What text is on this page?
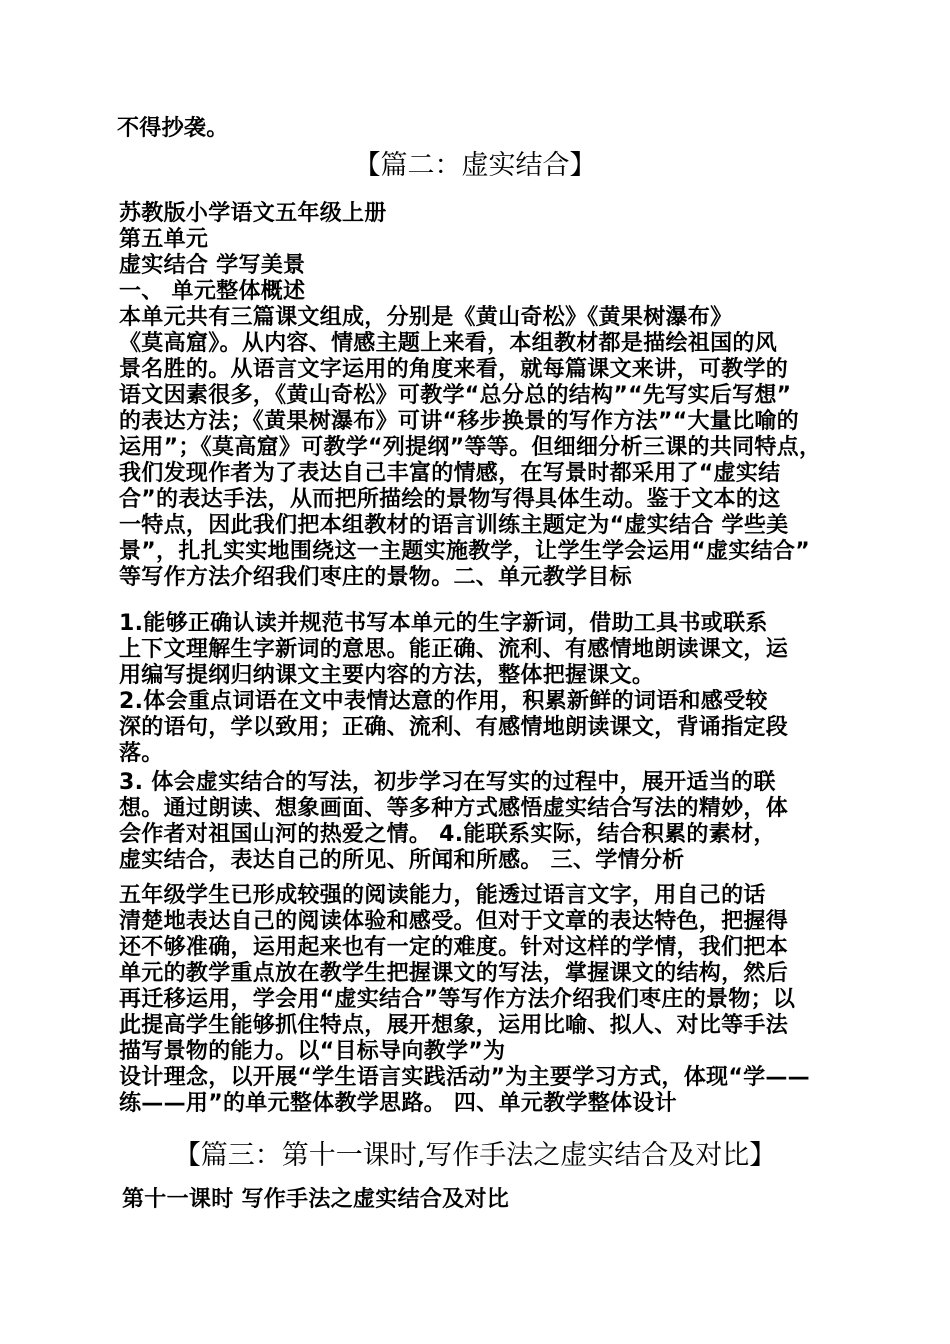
不得抄袭。

【篇二：虚实结合】

苏教版小学语文五年级上册
第五单元
虚实结合 学写美景
一、 单元整体概述
本单元共有三篇课文组成，分别是《黄山奇松》《黄果树瀑布》
《莫高窟》。从内容、情感主题上来看，本组教材都是描绘祖国的风
景名胜的。从语言文字运用的角度来看，就每篇课文来讲，可教学的
语文因素很多，《黄山奇松》可教学“总分总的结构”“先写实后写想”
的表达方法；《黄果树瀑布》可讲“移步换景的写作方法”“大量比喻的
运用”；《莫高窟》可教学“列提纲”等等。但细细分析三课的共同特点，
我们发现作者为了表达自己丰富的情感，在写景时都采用了“虚实结
合”的表达手法，从而把所描绘的景物写得具体生动。鉴于文本的这
一特点，因此我们把本组教材的语言训练主题定为“虚实结合 学些美
景”，扎扎实实地围绕这一主题实施教学，让学生学会运用“虚实结合”
等写作方法介绍我们枣庄的景物。二、单元教学目标
1.能够正确认读并规范书写本单元的生字新词，借助工具书或联系
上下文理解生字新词的意思。能正确、流利、有感情地朗读课文，运
用编写提纲归纳课文主要内容的方法，整体把握课文。
2.体会重点词语在文中表情达意的作用，积累新鲜的词语和感受较
深的语句，学以致用；正确、流利、有感情地朗读课文，背诵指定段
落。
3. 体会虚实结合的写法，初步学习在写实的过程中，展开适当的联
想。通过朗读、想象画面、等多种方式感悟虚实结合写法的精妙，体
会作者对祖国山河的热爱之情。 4.能联系实际，结合积累的素材，
虚实结合，表达自己的所见、所闻和所感。 三、学情分析
五年级学生已形成较强的阅读能力，能透过语言文字，用自己的话
清楚地表达自己的阅读体验和感受。但对于文章的表达特色，把握得
还不够准确，运用起来也有一定的难度。针对这样的学情，我们把本
单元的教学重点放在教学生把握课文的写法，掌握课文的结构，然后
再迁移运用，学会用“虚实结合”等写作方法介绍我们枣庄的景物；以
此提高学生能够抓住特点，展开想象，运用比喻、拟人、对比等手法
描写景物的能力。以“目标导向教学”为
设计理念，以开展“学生语言实践活动”为主要学习方式，体现“学——
练——用”的单元整体教学思路。 四、单元教学整体设计

【篇三：第十一课时,写作手法之虚实结合及对比】

第十一课时 写作手法之虚实结合及对比
